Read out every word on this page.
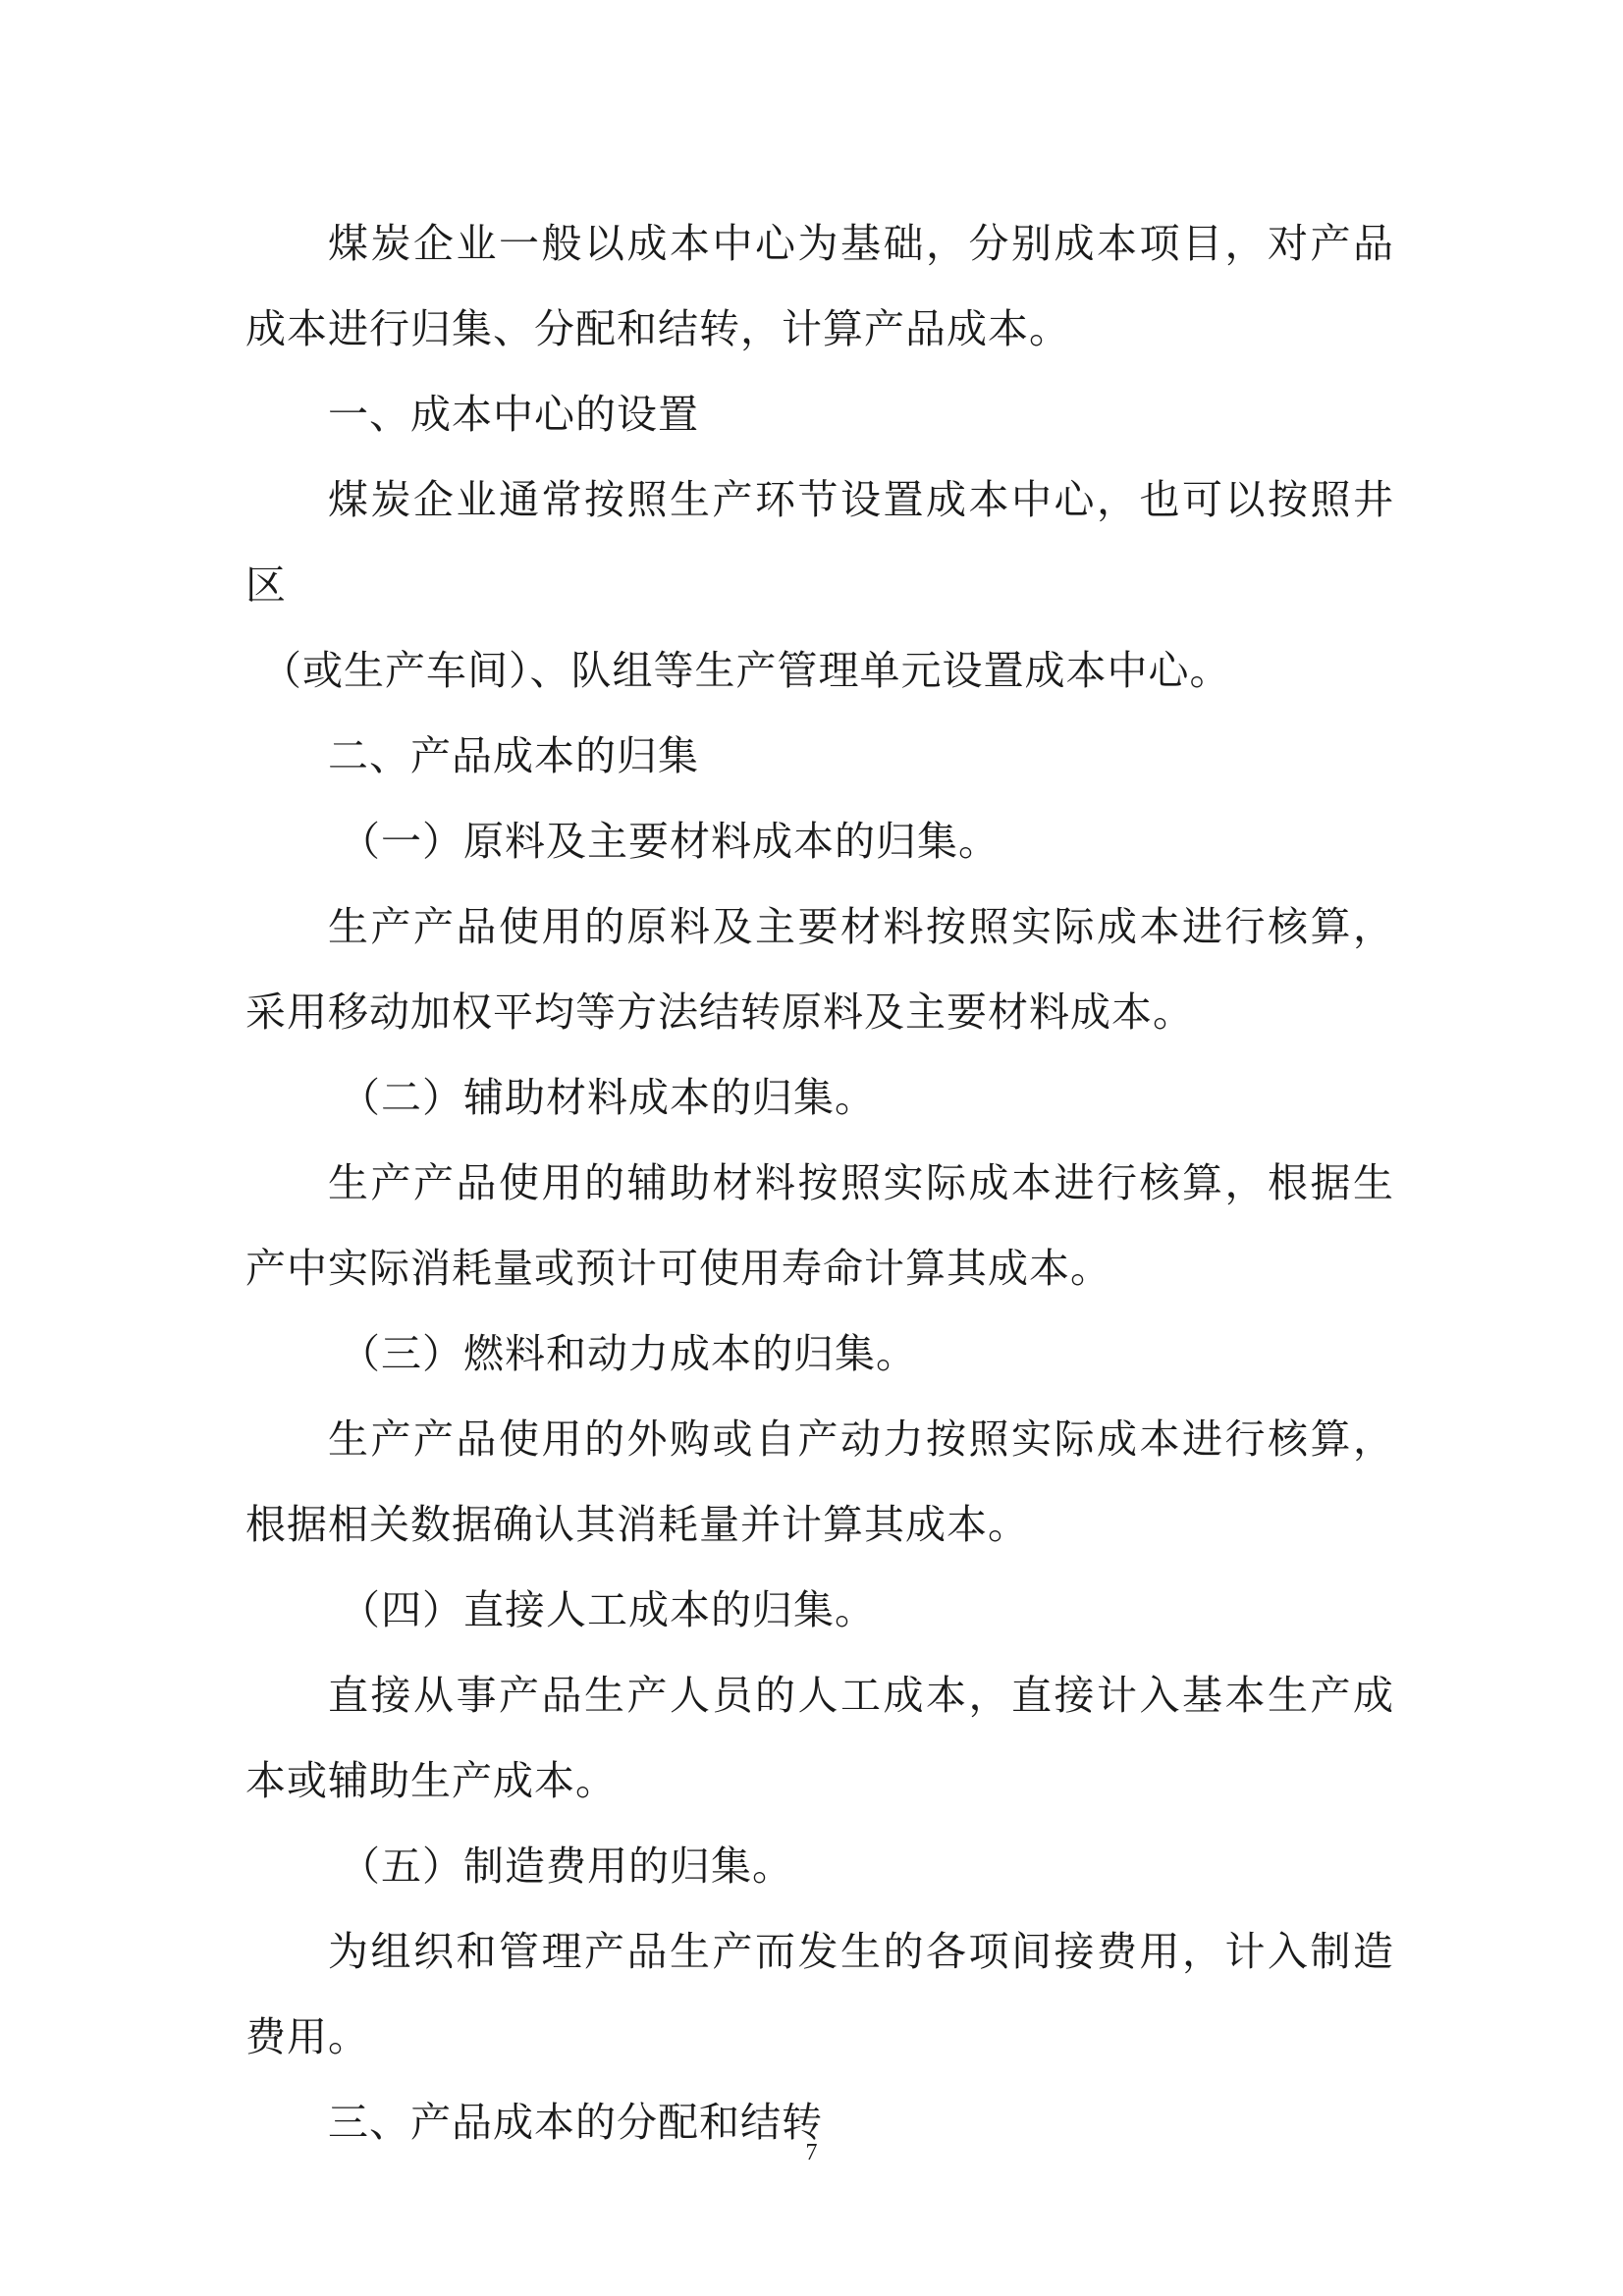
煤炭企业一般以成本中心为基础，分别成本项目，对产品成本进行归集、分配和结转，计算产品成本。

一、成本中心的设置

煤炭企业通常按照生产环节设置成本中心，也可以按照井区

（或生产车间）、队组等生产管理单元设置成本中心。

二、产品成本的归集

（一）原料及主要材料成本的归集。

生产产品使用的原料及主要材料按照实际成本进行核算，采用移动加权平均等方法结转原料及主要材料成本。

（二）辅助材料成本的归集。

生产产品使用的辅助材料按照实际成本进行核算，根据生产中实际消耗量或预计可使用寿命计算其成本。

（三）燃料和动力成本的归集。

生产产品使用的外购或自产动力按照实际成本进行核算，根据相关数据确认其消耗量并计算其成本。

（四）直接人工成本的归集。

直接从事产品生产人员的人工成本，直接计入基本生产成本或辅助生产成本。

（五）制造费用的归集。

为组织和管理产品生产而发生的各项间接费用，计入制造费用。

三、产品成本的分配和结转

7
